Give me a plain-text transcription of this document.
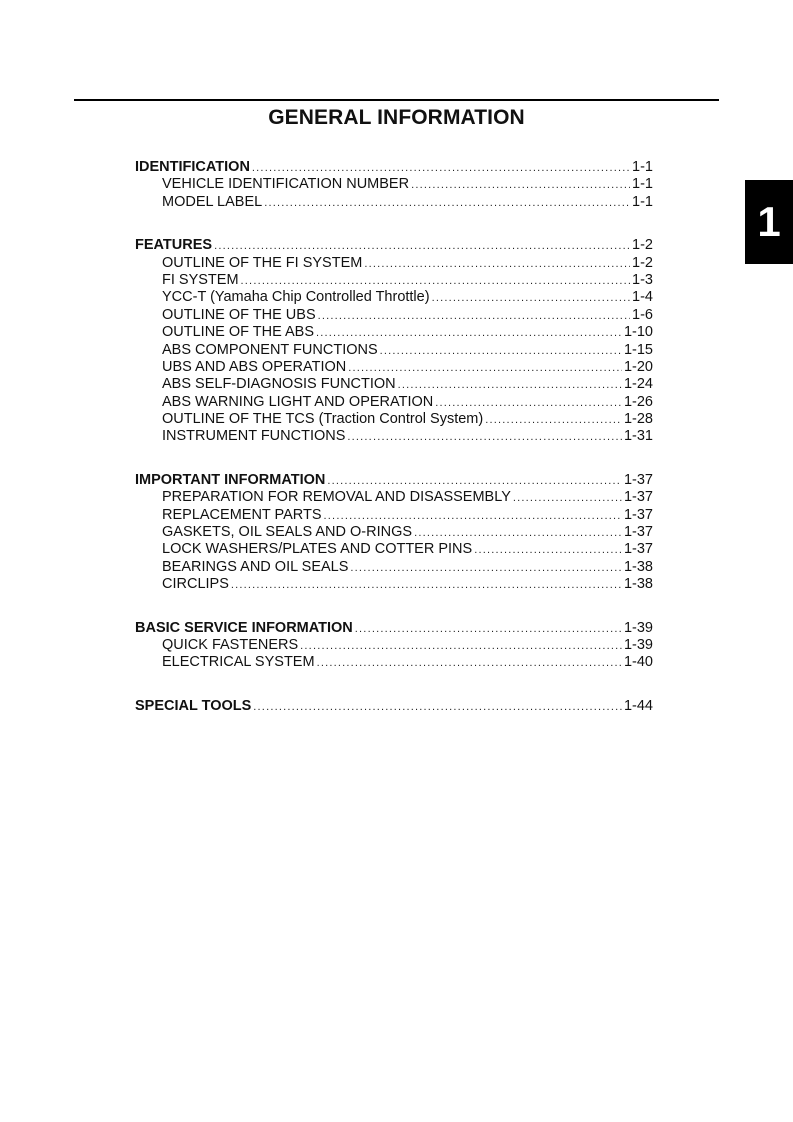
GENERAL INFORMATION
1
IDENTIFICATION .....	1-1
VEHICLE IDENTIFICATION NUMBER .....	1-1
MODEL LABEL .....	1-1
FEATURES .....	1-2
OUTLINE OF THE FI SYSTEM .....	1-2
FI SYSTEM .....	1-3
YCC-T (Yamaha Chip Controlled Throttle) .....	1-4
OUTLINE OF THE UBS .....	1-6
OUTLINE OF THE ABS .....	1-10
ABS COMPONENT FUNCTIONS .....	1-15
UBS AND ABS OPERATION .....	1-20
ABS SELF-DIAGNOSIS FUNCTION .....	1-24
ABS WARNING LIGHT AND OPERATION .....	1-26
OUTLINE OF THE TCS (Traction Control System) .....	1-28
INSTRUMENT FUNCTIONS .....	1-31
IMPORTANT INFORMATION .....	1-37
PREPARATION FOR REMOVAL AND DISASSEMBLY .....	1-37
REPLACEMENT PARTS .....	1-37
GASKETS, OIL SEALS AND O-RINGS .....	1-37
LOCK WASHERS/PLATES AND COTTER PINS .....	1-37
BEARINGS AND OIL SEALS .....	1-38
CIRCLIPS .....	1-38
BASIC SERVICE INFORMATION .....	1-39
QUICK FASTENERS .....	1-39
ELECTRICAL SYSTEM .....	1-40
SPECIAL TOOLS .....	1-44
